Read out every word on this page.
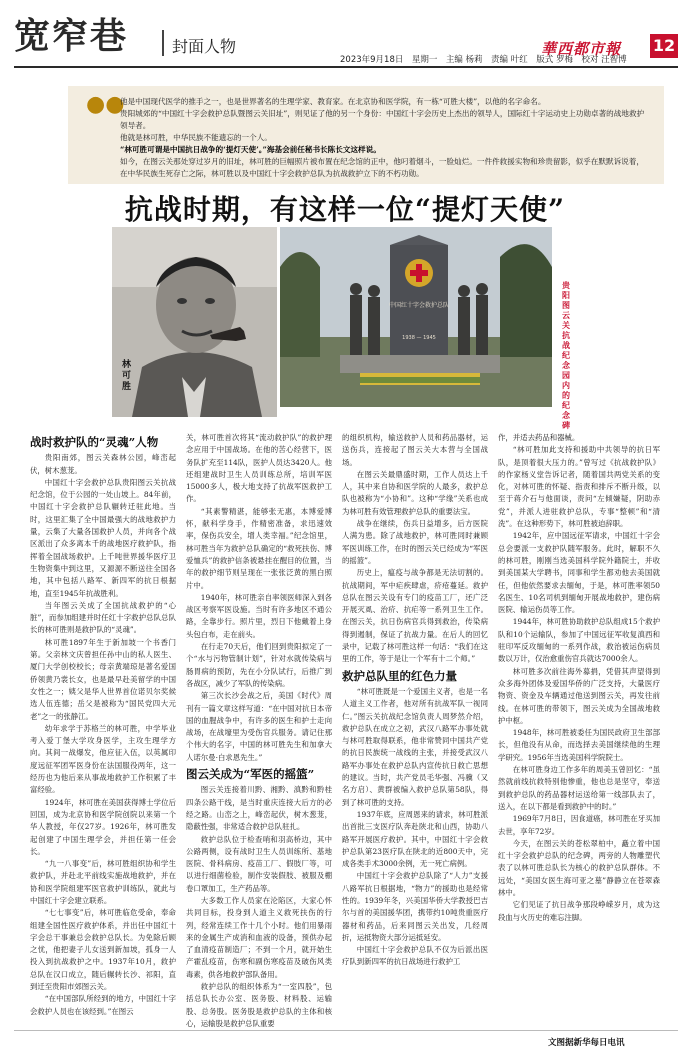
宽窄巷	封面人物	華西都市報 12
2023年9月18日　星期一　主编 杨莉　责编 叶红　版式 罗梅　校对 汪智博
●●

他是中国现代医学的推手之一，也是世界著名的生理学家、教育家。在北京协和医学院，有一栋“可胜大楼”，以他的名字命名。

贵阳城郊的“中国红十字会救护总队暨图云关旧址”，则见证了他的另一个身份：中国红十字会历史上杰出的领导人，国际红十字运动史上功勋卓著的战地救护领导者。

他就是林可胜，中华民族不能遗忘的一个人。

“林可胜可谓是中国抗日战争的‘提灯天使’。”海基会前任秘书长陈长文这样说。

如今，在图云关那处穿过岁月的旧址，林可胜的巨幅照片被布置在纪念馆的正中，他叼着烟斗，一脸灿烂。一件件救援实物和珍贵留影，似乎在默默诉说着，在中华民族生死存亡之际，林可胜以及中国红十字会救护总队为抗战救护立下的不朽功勋。

抗战时期，有这样一位“提灯天使”
林可胜
中国红十字会救护总队
1938 — 1945
贵阳图云关抗战纪念园内的纪念碑
战时救护队的“灵魂”人物

贵阳南郊，图云关森林公园，峰峦起伏，树木葱茏。

中国红十字会救护总队贵阳图云关抗战纪念馆，位于公园的一处山坡上。84年前，中国红十字会救护总队辗转迁驻此地。当时，这里汇集了全中国最强大的战地救护力量，云集了大量各国救护人员，并向各个战区派出了众多离本千的战地医疗救护队，指挥着全国战场救护。上千吨世界援华医疗卫生物资集中到这里，又源源不断送往全国各地，其中包括八路军、新四军的抗日根据地，直至1945年抗战胜利。

当年图云关成了全国抗战救护的“心脏”，而参加组建并时任红十字救护总队总队长的林可胜则是救护队的“灵魂”。

林可胜1897年生于新加坡一个书香门第。父亲林文庆曾担任孙中山的私人医生、厦门大学创校校长；母亲黄端琼是著名爱国侨领黄乃裳长女，也是最早赴美留学的中国女性之一；姨父是华人世界首位诺贝尔奖候选人伍连德；岳父是被称为“国民党四大元老”之一的张静江。

幼年求学于苏格兰的林可胜，中学毕业考入爱丁堡大学攻身医学，主攻生理学方向。其间一战爆发，他应征入伍，以英属印度远征军团军医身份在法国服役两年，这一经历也为他后来从事战地救护工作积累了丰富经验。

1924年，林可胜在美国获得博士学位后回国，成为北京协和医学院创院以来第一个华人教授，年仅27岁。1926年，林可胜发起创建了中国生理学会，并担任第一任会长。

“九一八事变”后，林可胜组织协和学生救护队，并赴北平前线实施战地救护，并在协和医学院组建军医官救护训练队，就此与中国红十字会建立联系。

“七七事变”后，林可胜临危受命，奉命组建全国性医疗救护体系，并出任中国红十字会总干事兼总会救护总队长。为免除后顾之忧，他把妻子儿女送到新加坡，孤身一人投入到抗战救护之中。1937年10月，救护总队在汉口成立，随后辗转长沙、祁阳，直到迁至贵阳市郊图云关。

“在中国部队所经到的地方，中国红十字会救护人员也在该经到。”在图云

关，林可胜首次将其“流动救护队”的救护理念应用于中国战场。在他的苦心经营下，医务队扩充至114队，医护人员达3420人。他还组建战时卫生人员训练总所，培训军医15000多人，极大地支持了抗战军医救护工作。

“其素警精湛，能够张无惠，本博爱博怀，献科学身手，作精密准备，求迅速效率，保伤兵安全，增人类幸福。”纪念馆里，林可胜当年为救护总队确定的“救死扶伤、博爱恤兵”的救护信条被悬挂在醒目的位置，当年的救护细节则呈现在一张张泛黄的黑白照片中。

1940年，林可胜亲自率领医师深入到各战区考察军医设施。当时有许多地区不通公路，全靠步行。照片里，烈日下他戴着上身头包白布，走在前头。

在行走70天后，他们回到贵阳拟定了一个“水与污物管制计划”，针对水就传染病与肠胃病的预防，先在小分队试行，后推广到各战区，减少了军队的传染病。

第三次长沙会战之后，美国《时代》周刊有一篇文章这样写道：“在中国对抗日本帝国的血腥战争中，有许多的医生和护士走向战场，在战壕里为受伤官兵服务。请记住那个伟大的名字，中国的林可胜先生和加拿大人诺尔曼·白求恩先生。”

图云关成为“军医的摇篮”

图云关连接着川黔、湘黔、滇黔和黔桂四条公路干线，是当时重庆连接大后方的必经之路。山峦之上，峰峦起伏，树木葱茏，隐蔽性强，非常适合救护总队驻扎。

救护总队位于检查哨和羽高桥边，其中公路两侧，设有战时卫生人员训练所、基地医院、骨科病房、疫苗工厂、假肢厂等，可以进行细菌检验，制作安装假肢、被服及棚卷口罩加工，生产药品等。

大多数工作人员家在沦陷区，大家心怀共同目标，投身到人道主义救死扶伤的行列，经常连续工作十几个小时。他们用暴雨来的金属生产成消和血液的设备，预供办起了血清疫苗制造厂；不到一个月，就开始生产霍乱疫苗，伤寒和副伤寒疫苗及破伤风类毒素，供各地救护部队备用。

救护总队的组织体系为“一室四股”，包括总队长办公室、医务股、材料股、运输股、总务股。医务股是救护总队的主体和核心，运输股是救护总队重要

的组织机构，输送救护人员和药品器材，运送伤兵，连接起了图云关大本营与全国战场。

在图云关最鼎盛时期，工作人员达上千人，其中来自协和医学院的人最多，救护总队也被称为“小协和”。这种“学缘”关系也成为林可胜有效管理救护总队的重要法宝。

战争在继续，伤兵日益增多，后方医院人满为患。除了战地救护，林可胜同时兼顾军医训练工作，在时的图云关已经成为“军医的摇篮”。

历史上，瘟疫与战争都是无法切割的。抗战期间，军中疟疾肆虐，疥疮蔓延。救护总队在图云关设有专门的疫苗工厂，还广泛开展灭虱、治疥、抗疟等一系列卫生工作。在图云关，抗日伤病官兵得到救治，传染病得到遏制，保证了抗战力量。在后人的回忆录中，记载了林可胜这样一句话：“我们在这里的工作，等于是让一个军有十二个师。”

救护总队里的红色力量

“林可胜既是一个爱国主义者，也是一名人道主义工作者，他对所有抗战军队一视同仁。”图云关抗战纪念馆负责人周梦然介绍，救护总队在成立之初，武汉八路军办事处就与林可胜取得联系，他非常赞同中国共产党的抗日民族统一战线的主张，并接受武汉八路军办事处在救护总队内宣传抗日救亡思想的建议。当时，共产党员毛华强、冯骥（又名方启）、黄群被编入救护总队第58队，得到了林可胜的支持。

1937年底，应周恩来的请求，林可胜派出首批三支医疗队奔赴陕北和山西，协助八路军开展医疗救护。其中，中国红十字会救护总队第23医疗队在陕北的近800天中，完成各类手术3000余例，无一死亡病例。

中国红十字会救护总队除了“人力”支援八路军抗日根据地，“物力”的援助也是经常性的。1939年冬，兴美国华侨大学教授巴吉尔与首的美国援华团，携带约10吨贵重医疗器材和药品，后来同图云关出发，几经周折，运抵物资大部分运抵延安。

中国红十字会救护总队不仅为后派出医疗队到新四军的抗日战场进行救护工

作，并适去药品和器械。

“林可胜加此支持和援助中共领导的抗日军队，是顶着很大压力的。”曾写过《抗战救护队》的作家杨义堂告诉记者，随着国共两党关系的变化，对林可胜的怀疑、指责和排斥不断升级，以至于蒋介石与他面谈，责问“左倾嫌疑，阴助赤党”，并派人进驻救护总队，专事“整顿”和“清洗”。在这种形势下，林可胜被迫辞职。

1942年，应中国远征军请求，中国红十字会总会要派一支救护队随军服务。此时，解职不久的林可胜，刚刚当选美国科学院外籍院士，并收到美国某大学聘书，同事和学生都劝他去美国就任，但他依然要求去缅甸，于是，林可胜率领50名医生、10名司机到缅甸开展战地救护，建伤病医院、输运伤员等工作。

1944年，林可胜协助救护总队组成15个救护队和10个运输队，参加了中国远征军收复滇西和驻印军反攻缅甸的一系列作战，救治被运伤病员数以万计，仅治愈重伤官兵就达7000余人。

林可胜多次前往海外募捐，凭借其声望得到众多海外团体及爱国华侨的广泛支持，大量医疗物资、资金及车辆通过他送到图云关，再发往前线。在林可胜的带领下，图云关成为全国战地救护中枢。

1948年，林可胜被委任为国民政府卫生部部长，但他没有从命，而选择去美国继续他的生理学研究。1956年当选美国科学院院士。

在林可胜身边工作多年的周美玉曾回忆：“虽然就前线抗救特别他惨重，他也总是坚守，奉送到救护总队的药品器材运送给第一线部队去了，送入，在以下都是看到救护中的时。”

1969年7月8日，因食道癌，林可胜在牙买加去世，享年72岁。

今天，在图云关的苍松翠柏中，矗立着中国红十字会救护总队的纪念碑，两旁的人物雕塑代表了以林可胜总队长为核心的救护总队群体。不远处，“美国女医生海可亚之墓”静静立在苍翠森林中。

它们见证了抗日战争那段峥嵘岁月，成为这段血与火历史的难忘注脚。

文图据新华每日电讯
